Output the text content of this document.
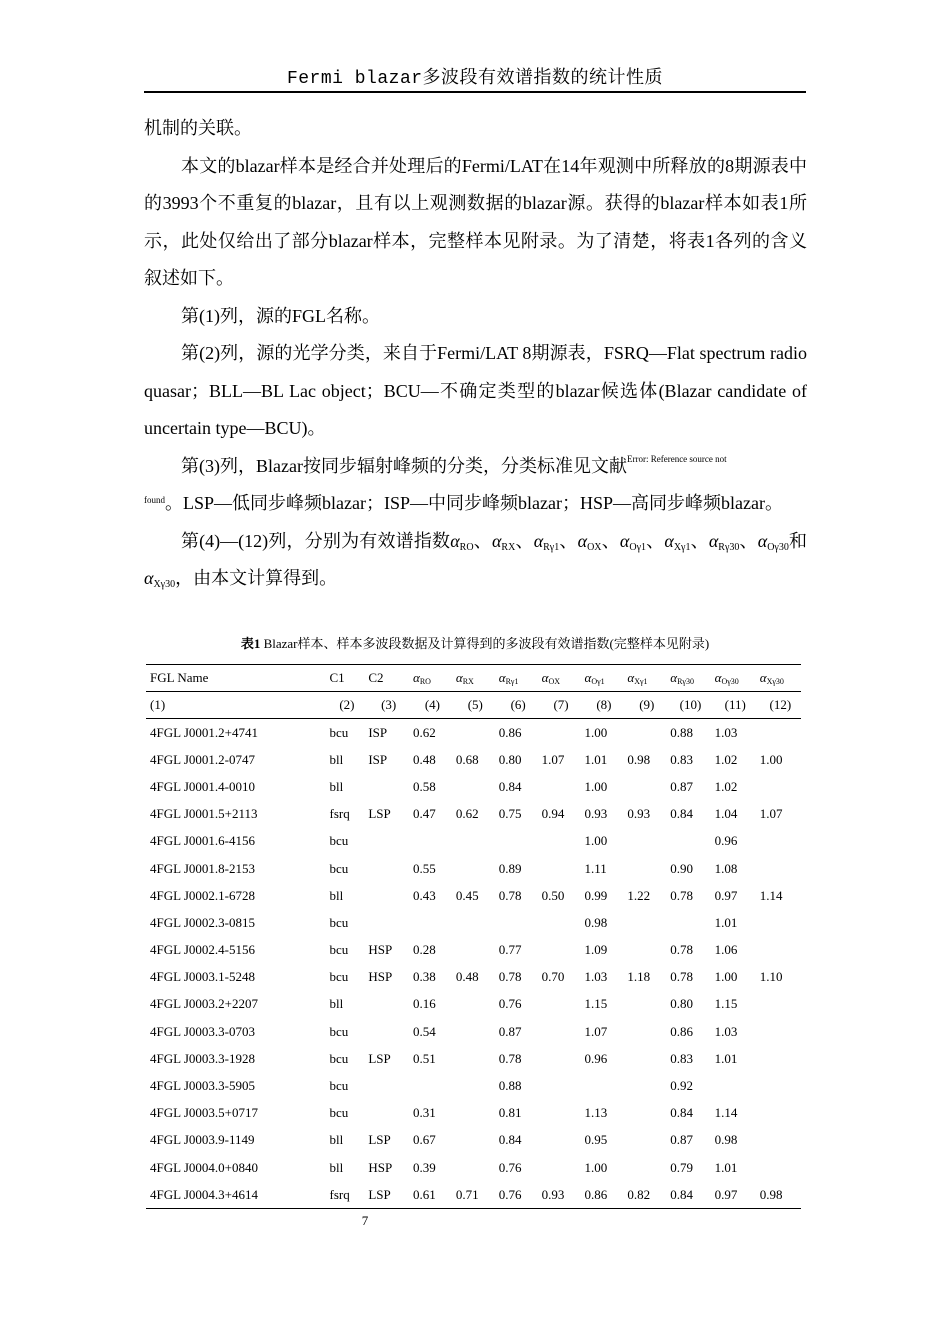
Fermi blazar多波段有效谱指数的统计性质

机制的关联。

本文的blazar样本是经合并处理后的Fermi/LAT在14年观测中所释放的8期源表中的3993个不重复的blazar，且有以上观测数据的blazar源。获得的blazar样本如表1所示，此处仅给出了部分blazar样本，完整样本见附录。为了清楚，将表1各列的含义叙述如下。

第(1)列，源的FGL名称。

第(2)列，源的光学分类，来自于Fermi/LAT 8期源表，FSRQ—Flat spectrum radio quasar；BLL—BL Lac object；BCU—不确定类型的blazar候选体(Blazar candidate of uncertain type—BCU)。

第(3)列，Blazar按同步辐射峰频的分类，分类标准见文献$^{Error: Reference source not}$
$^{found}$。LSP—低同步峰频blazar；ISP—中同步峰频blazar；HSP—高同步峰频blazar。

第(4)—(12)列，分别为有效谱指数$\alpha_{RO}$、$\alpha_{RX}$、$\alpha_{R\gamma 1}$、$\alpha_{OX}$、$\alpha_{O\gamma 1}$、$\alpha_{X\gamma 1}$、$\alpha_{R\gamma 30}$、$\alpha_{O\gamma 30}$和$\alpha_{X\gamma 30}$，由本文计算得到。

表1 Blazar样本、样本多波段数据及计算得到的多波段有效谱指数(完整样本见附录)
FGL Name	C1	C2	αRO	αRX	αRγ1	αOX	αOγ1	αXγ1	αRγ30	αOγ30	αXγ30
(1)	(2)	(3)	(4)	(5)	(6)	(7)	(8)	(9)	(10)	(11)	(12)
4FGL J0001.2+4741	bcu	ISP	0.62		0.86		1.00		0.88	1.03	
4FGL J0001.2-0747	bll	ISP	0.48	0.68	0.80	1.07	1.01	0.98	0.83	1.02	1.00
4FGL J0001.4-0010	bll		0.58		0.84		1.00		0.87	1.02	
4FGL J0001.5+2113	fsrq	LSP	0.47	0.62	0.75	0.94	0.93	0.93	0.84	1.04	1.07
4FGL J0001.6-4156	bcu						1.00			0.96	
4FGL J0001.8-2153	bcu		0.55		0.89		1.11		0.90	1.08	
4FGL J0002.1-6728	bll		0.43	0.45	0.78	0.50	0.99	1.22	0.78	0.97	1.14
4FGL J0002.3-0815	bcu						0.98			1.01	
4FGL J0002.4-5156	bcu	HSP	0.28		0.77		1.09		0.78	1.06	
4FGL J0003.1-5248	bcu	HSP	0.38	0.48	0.78	0.70	1.03	1.18	0.78	1.00	1.10
4FGL J0003.2+2207	bll		0.16		0.76		1.15		0.80	1.15	
4FGL J0003.3-0703	bcu		0.54		0.87		1.07		0.86	1.03	
4FGL J0003.3-1928	bcu	LSP	0.51		0.78		0.96		0.83	1.01	
4FGL J0003.3-5905	bcu				0.88				0.92		
4FGL J0003.5+0717	bcu		0.31		0.81		1.13		0.84	1.14	
4FGL J0003.9-1149	bll	LSP	0.67		0.84		0.95		0.87	0.98	
4FGL J0004.0+0840	bll	HSP	0.39		0.76		1.00		0.79	1.01	
4FGL J0004.3+4614	fsrq	LSP	0.61	0.71	0.76	0.93	0.86	0.82	0.84	0.97	0.98
7
